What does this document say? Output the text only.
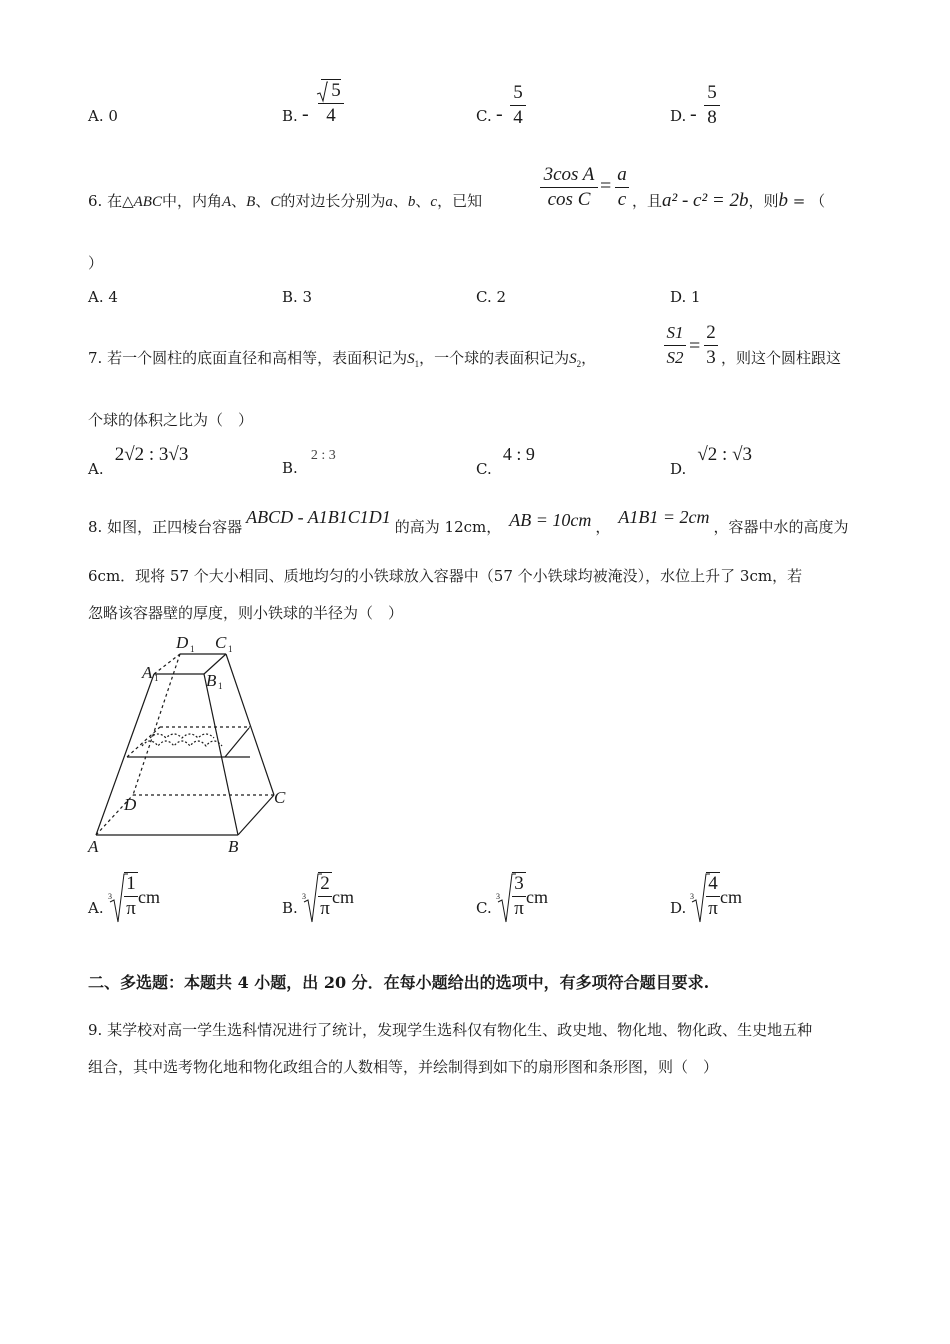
A. 0	B. -
5
4	C. -
5
4	D. -
5
8
6. 在△ABC中，内角A、B、C的对边长分别为a、b、c，已知
3cos A
cos C
=
a
c ，且a² - c² = 2b，则b = （
）
A. 4	B. 3	C. 2	D. 1
7. 若一个圆柱的底面直径和高相等，表面积记为$S_1$，一个球的表面积记为$S_2$，
S1
S2
=
2
3 ，则这个圆柱跟这
个球的体积之比为（　）
A. 2√2 : 3√3
B. 2 : 3
C. 4 : 9
D. √2 : √3
8. 如图，正四棱台容器 ABCD - A1B1C1D1 的高为 12cm， AB = 10cm ， A1B1 = 2cm ，容器中水的高度为
6cm．现将 57 个大小相同、质地均匀的小铁球放入容器中（57 个小铁球均被淹没），水位上升了 3cm，若
忽略该容器壁的厚度，则小铁球的半径为（　）
D 1 C 1
A 1	B 1
D	C
A	B
A.
3
1
π
cm
B.
3
2
π
cm
C.
3
3
π
cm
D.
3
4
π
cm
二、多选题：本题共 4 小题，出 20 分．在每小题给出的选项中，有多项符合题目要求.
9. 某学校对高一学生选科情况进行了统计，发现学生选科仅有物化生、政史地、物化地、物化政、生史地五种
组合，其中选考物化地和物化政组合的人数相等，并绘制得到如下的扇形图和条形图，则（　）
